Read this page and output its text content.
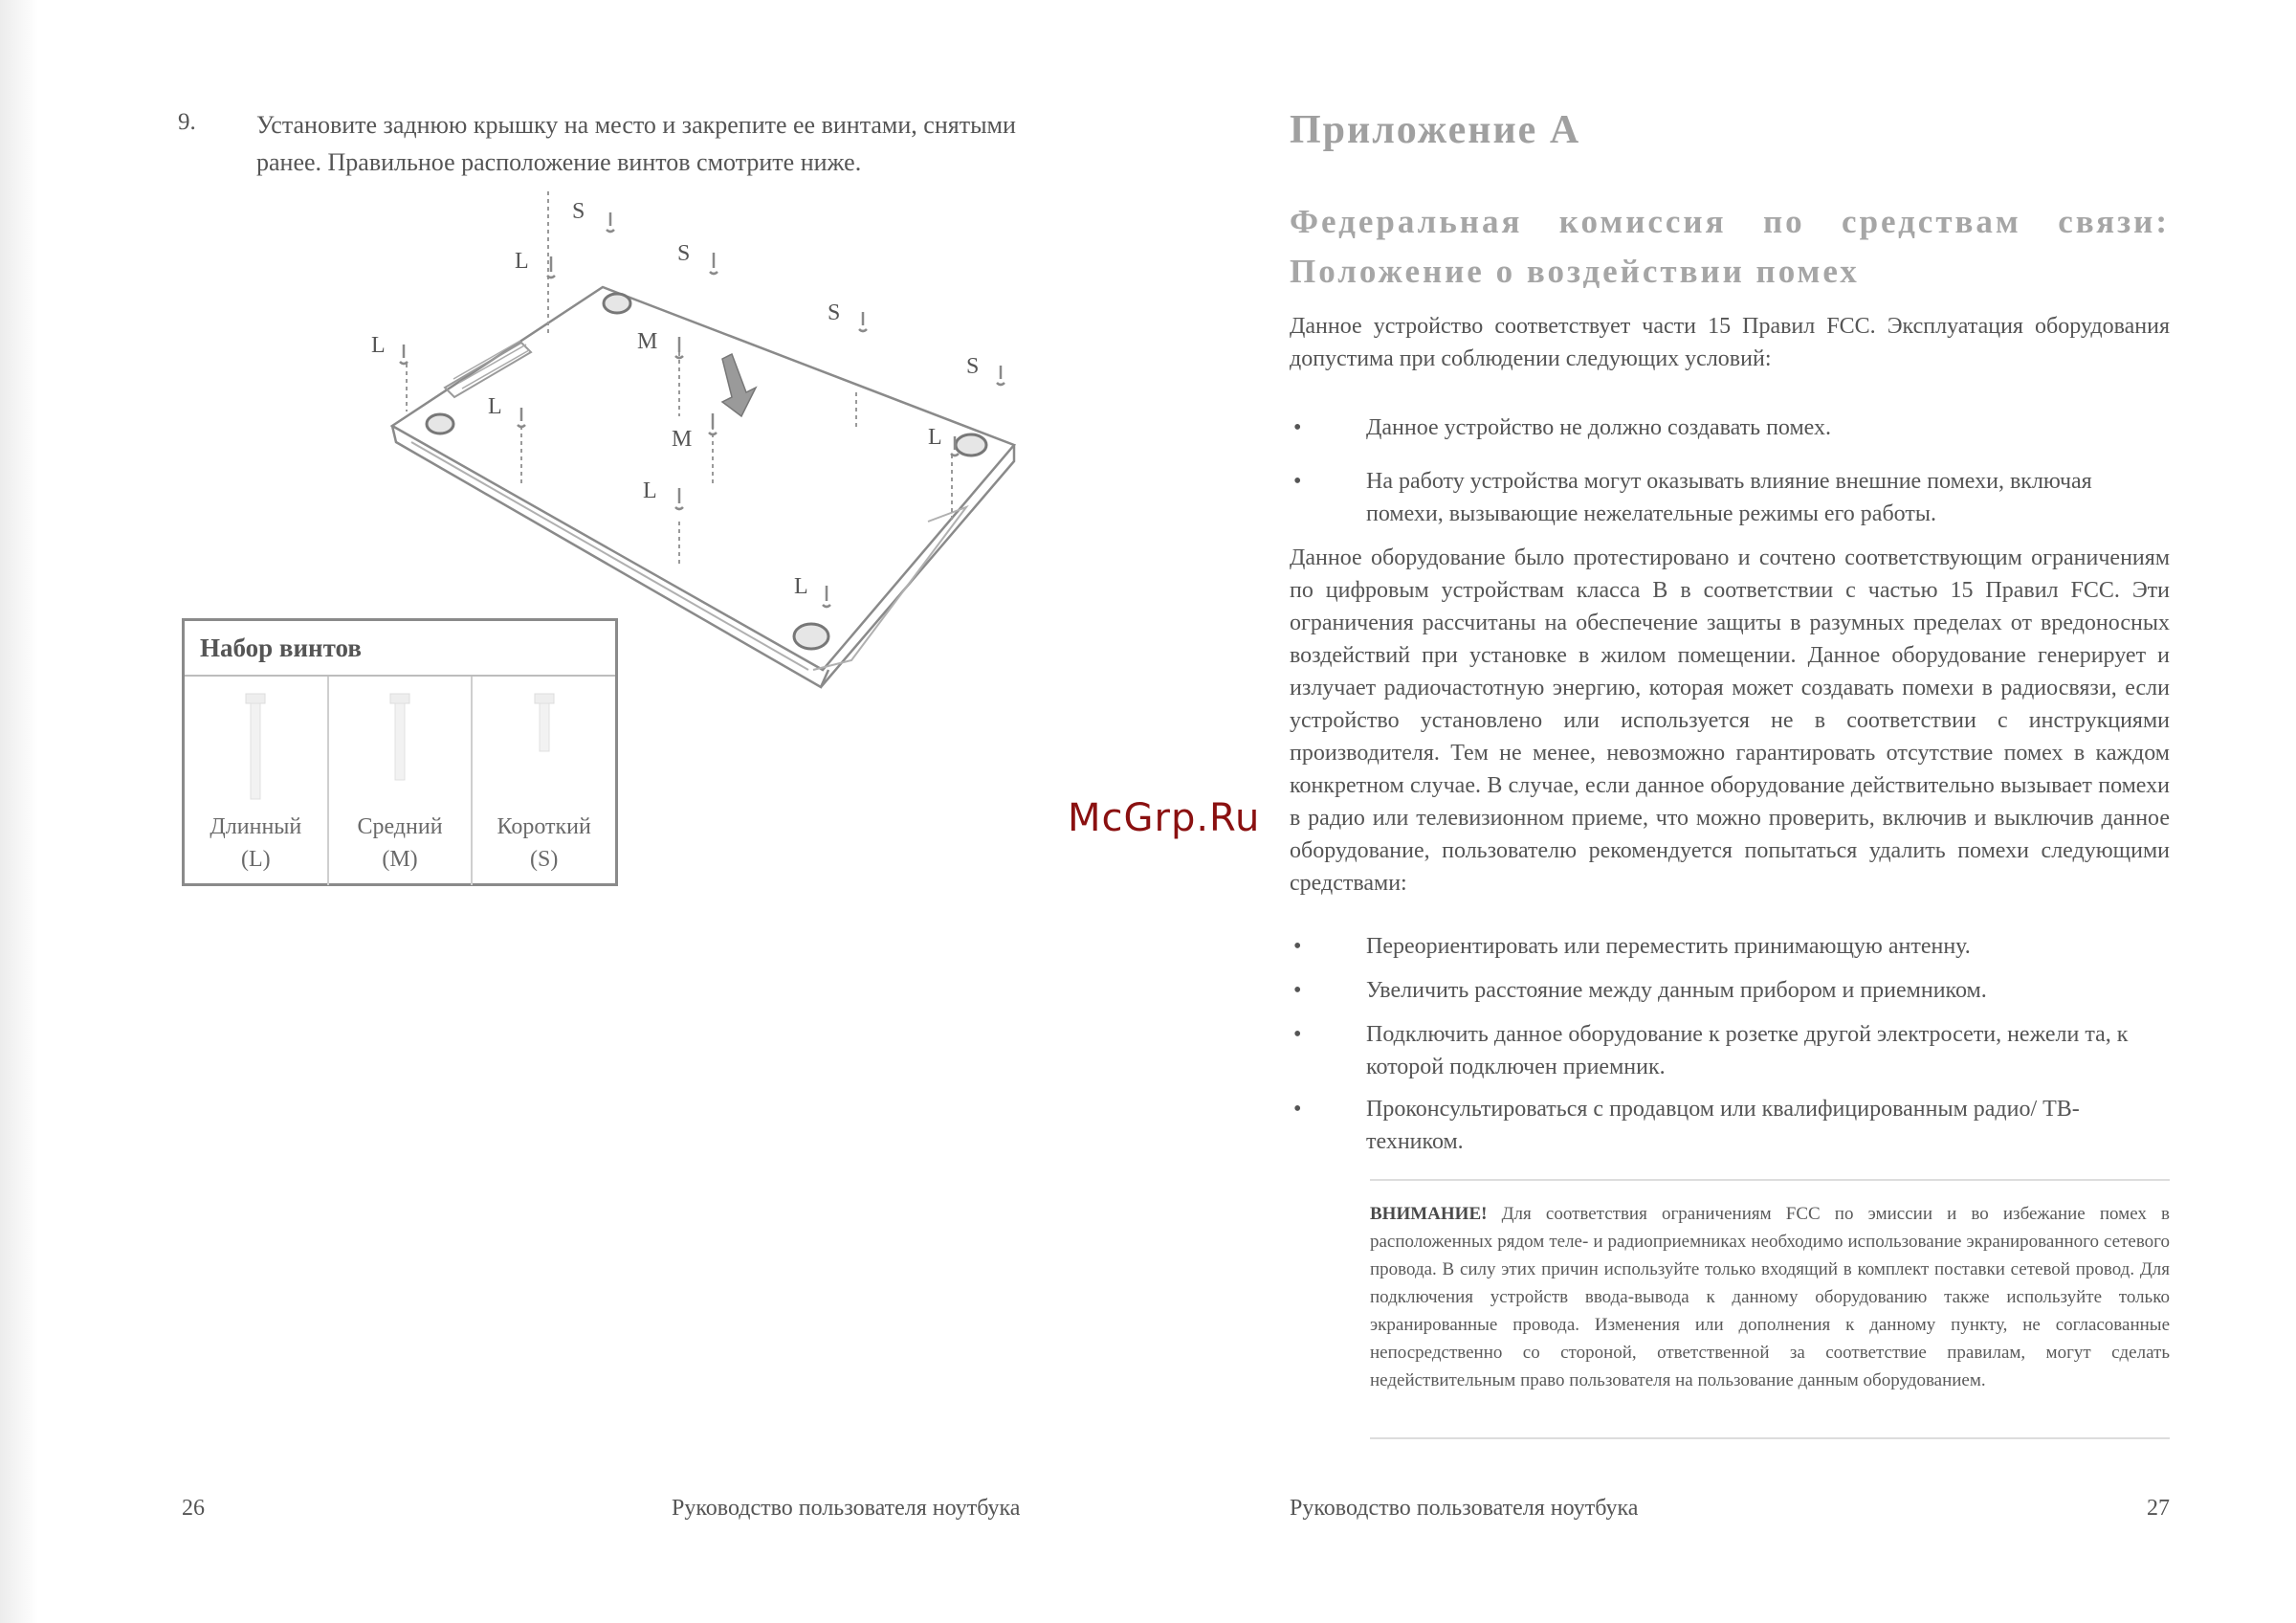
9. Установите заднюю крышку на место и закрепите ее винтами, снятыми ранее. Правильное расположение винтов смотрите ниже.
S
L	S
S
L	M
S
L
M	L
L
L
Набор винтов
Длинный
(L)
Средний
(M)
Короткий
(S)
26	Руководство пользователя ноутбука
Приложение А
Федеральная комиссия по средствам связи: Положение о воздействии помех

Данное устройство соответствует части 15 Правил FCC. Эксплуатация оборудования допустима при соблюдении следующих условий:

•	Данное устройство не должно создавать помех.
•	На работу устройства могут оказывать влияние внешние помехи, включая помехи, вызывающие нежелательные режимы его работы.

Данное оборудование было протестировано и сочтено соответствующим ограничениям по цифровым устройствам класса В в соответствии с частью 15 Правил FCC. Эти ограничения рассчитаны на обеспечение защиты в разумных пределах от вредоносных воздействий при установке в жилом помещении. Данное оборудование генерирует и излучает радиочастотную энергию, которая может создавать помехи в радиосвязи, если устройство установлено или используется не в соответствии с инструкциями производителя. Тем не менее, невозможно гарантировать отсутствие помех в каждом конкретном случае. В случае, если данное оборудование действительно вызывает помехи в радио или телевизионном приеме, что можно проверить, включив и выключив данное оборудование, пользователю рекомендуется попытаться удалить помехи следующими средствами:

•	Переориентировать или переместить принимающую антенну.
•	Увеличить расстояние между данным прибором и приемником.
•	Подключить данное оборудование к розетке другой электросети, нежели та, к которой подключен приемник.
•	Проконсультироваться с продавцом или квалифицированным радио/ ТВ-техником.
ВНИМАНИЕ! Для соответствия ограничениям FCC по эмиссии и во избежание помех в расположенных рядом теле- и радиоприемниках необходимо использование экранированного сетевого провода. В силу этих причин используйте только входящий в комплект поставки сетевой провод. Для подключения устройств ввода-вывода к данному оборудованию также используйте только экранированные провода. Изменения или дополнения к данному пункту, не согласованные непосредственно со стороной, ответственной за соответствие правилам, могут сделать недействительным право пользователя на пользование данным оборудованием.
Руководство пользователя ноутбука	27
McGrp.Ru
